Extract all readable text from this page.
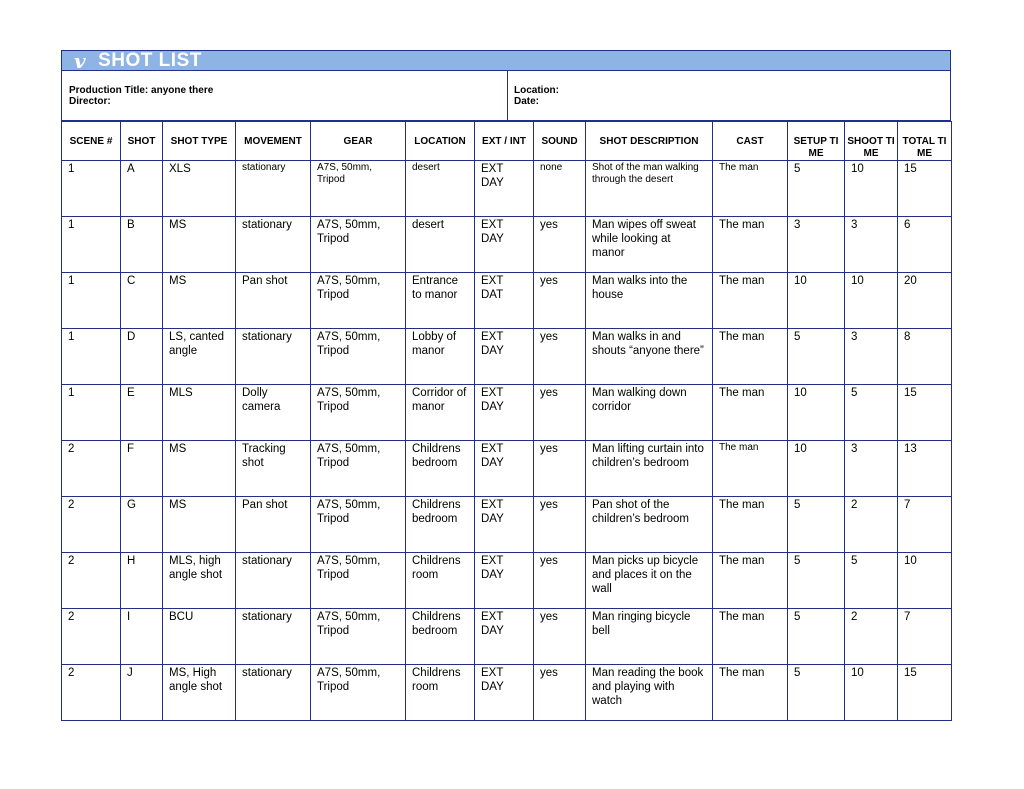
v SHOT LIST
Production Title: anyone there
Director:
Location:
Date:
SCENE #	SHOT	SHOT TYPE	MOVEMENT	GEAR	LOCATION	EXT / INT	SOUND	SHOT DESCRIPTION	CAST	SETUP TIME	SHOOT TIME	TOTAL TIME

1	A	XLS	stationary	A7S, 50mm, Tripod	desert	EXT DAY	none	Shot of the man walking through the desert	The man	5	10	15
1	B	MS	stationary	A7S, 50mm, Tripod	desert	EXT DAY	yes	Man wipes off sweat while looking at manor	The man	3	3	6
1	C	MS	Pan shot	A7S, 50mm, Tripod	Entrance to manor	EXT DAT	yes	Man walks into the house	The man	10	10	20
1	D	LS, canted angle	stationary	A7S, 50mm, Tripod	Lobby of manor	EXT DAY	yes	Man walks in and shouts “anyone there”	The man	5	3	8
1	E	MLS	Dolly camera	A7S, 50mm, Tripod	Corridor of manor	EXT DAY	yes	Man walking down corridor	The man	10	5	15
2	F	MS	Tracking shot	A7S, 50mm, Tripod	Childrens bedroom	EXT DAY	yes	Man lifting curtain into children’s bedroom	The man	10	3	13
2	G	MS	Pan shot	A7S, 50mm, Tripod	Childrens bedroom	EXT DAY	yes	Pan shot of the children’s bedroom	The man	5	2	7
2	H	MLS, high angle shot	stationary	A7S, 50mm, Tripod	Childrens room	EXT DAY	yes	Man picks up bicycle and places it on the wall	The man	5	5	10
2	I	BCU	stationary	A7S, 50mm, Tripod	Childrens bedroom	EXT DAY	yes	Man ringing bicycle bell	The man	5	2	7
2	J	MS, High angle shot	stationary	A7S, 50mm, Tripod	Childrens room	EXT DAY	yes	Man reading the book and playing with watch	The man	5	10	15
